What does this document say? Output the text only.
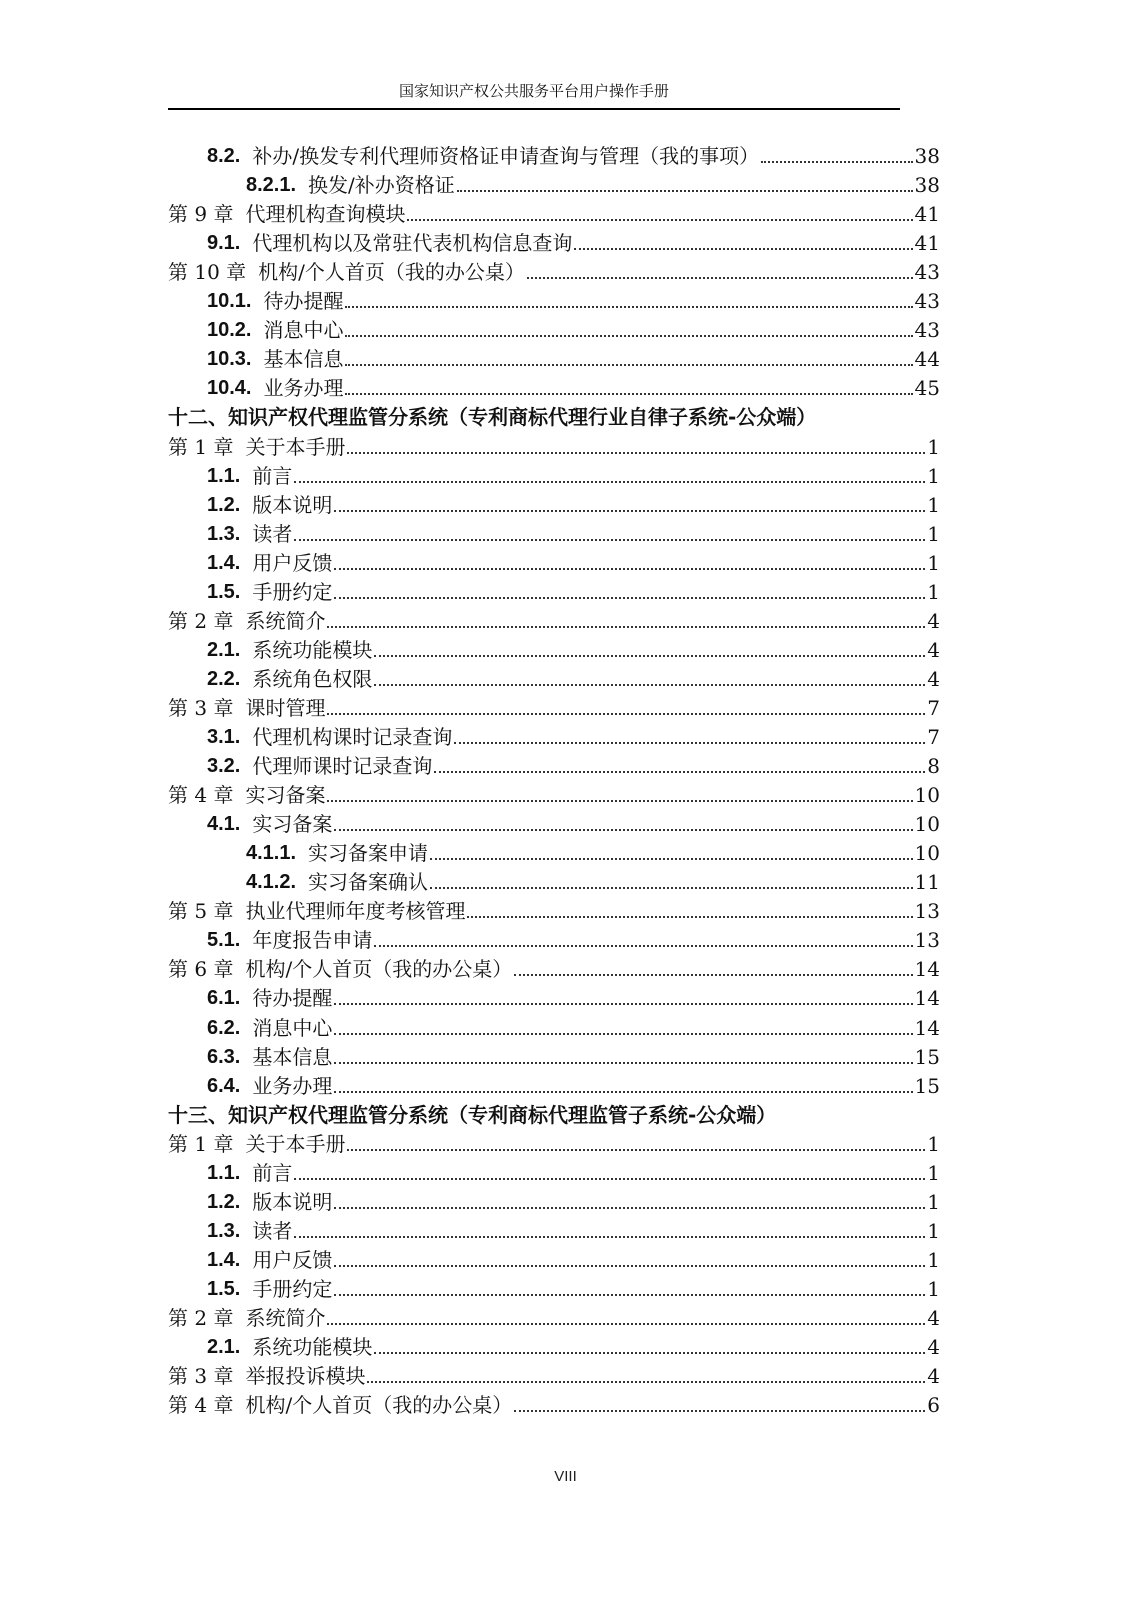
国家知识产权公共服务平台用户操作手册
8.2. 补办/换发专利代理师资格证申请查询与管理（我的事项）	38
8.2.1. 换发/补办资格证	38
第 9 章 代理机构查询模块	41
9.1. 代理机构以及常驻代表机构信息查询	41
第 10 章 机构/个人首页（我的办公桌）	43
10.1. 待办提醒	43
10.2. 消息中心	43
10.3. 基本信息	44
10.4. 业务办理	45
十二、知识产权代理监管分系统（专利商标代理行业自律子系统-公众端）
第 1 章 关于本手册	1
1.1. 前言	1
1.2. 版本说明	1
1.3. 读者	1
1.4. 用户反馈	1
1.5. 手册约定	1
第 2 章 系统简介	4
2.1. 系统功能模块	4
2.2. 系统角色权限	4
第 3 章 课时管理	7
3.1. 代理机构课时记录查询	7
3.2. 代理师课时记录查询	8
第 4 章 实习备案	10
4.1. 实习备案	10
4.1.1. 实习备案申请	10
4.1.2. 实习备案确认	11
第 5 章 执业代理师年度考核管理	13
5.1. 年度报告申请	13
第 6 章 机构/个人首页（我的办公桌）	14
6.1. 待办提醒	14
6.2. 消息中心	14
6.3. 基本信息	15
6.4. 业务办理	15
十三、知识产权代理监管分系统（专利商标代理监管子系统-公众端）
第 1 章 关于本手册	1
1.1. 前言	1
1.2. 版本说明	1
1.3. 读者	1
1.4. 用户反馈	1
1.5. 手册约定	1
第 2 章 系统简介	4
2.1. 系统功能模块	4
第 3 章 举报投诉模块	4
第 4 章 机构/个人首页（我的办公桌）	6
VIII
